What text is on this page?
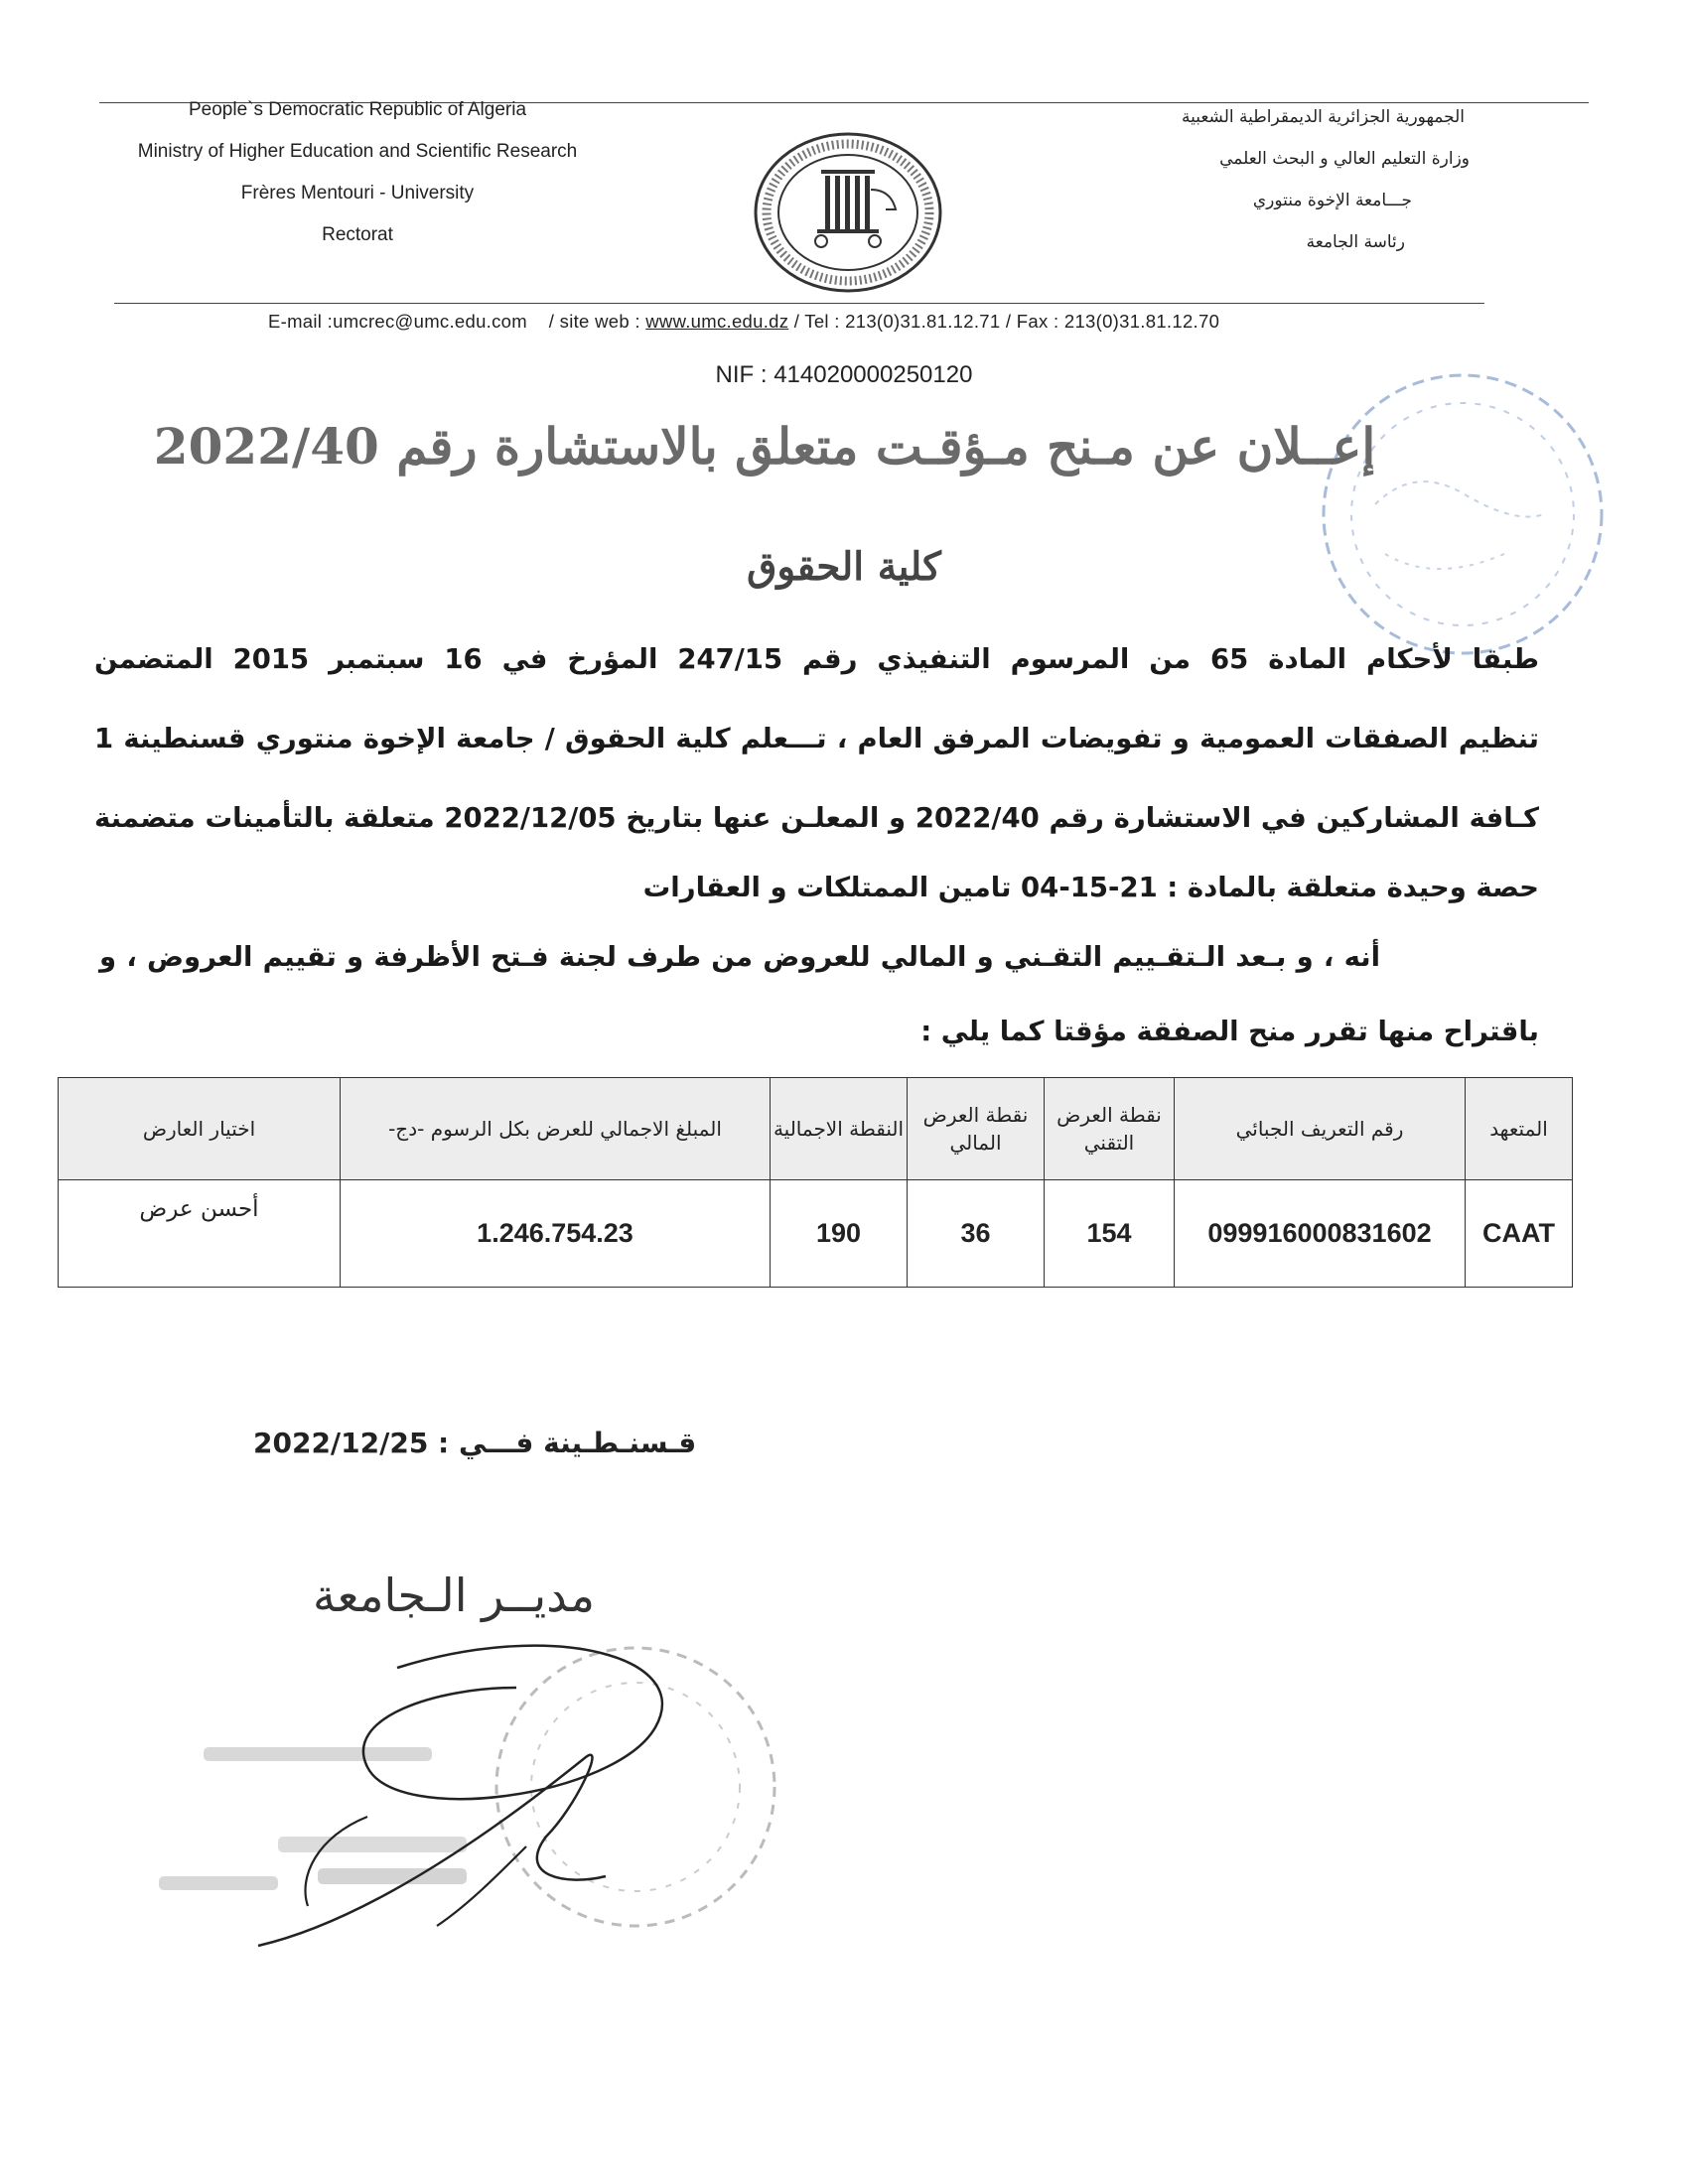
People`s Democratic Republic of Algeria
Ministry of Higher Education and Scientific Research
Frères Mentouri - University
Rectorat
الجمهورية الجزائرية الديمقراطية الشعبية
وزارة التعليم العالي و البحث العلمي
جـــامعة الإخوة منتوري
رئاسة الجامعة
E-mail :umcrec@umc.edu.com / site web : www.umc.edu.dz / Tel : 213(0)31.81.12.71 / Fax : 213(0)31.81.12.70
NIF : 414020000250120
إعــلان عن مـنح مـؤقـت متعلق بالاستشارة رقم 2022/40
كلية الحقوق
طبقا لأحكام المادة 65 من المرسوم التنفيذي رقم 247/15 المؤرخ في 16 سبتمبر 2015 المتضمن
تنظيم الصفقات العمومية و تفويضات المرفق العام ، تـــعلم كلية الحقوق / جامعة الإخوة منتوري قسنطينة 1
كـافة المشاركين في الاستشارة رقم 2022/40 و المعلـن عنها بتاريخ 2022/12/05 متعلقة بالتأمينات متضمنة
حصة وحيدة متعلقة بالمادة : 21-15-04 تامين الممتلكات و العقارات
أنه ، و بـعد الـتقـييم التقـني و المالي للعروض من طرف لجنة فـتح الأظرفة و تقييم العروض ، و
باقتراح منها تقرر منح الصفقة مؤقتا كما يلي :
المتعهد	رقم التعريف الجبائي	نقطة العرض التقني	نقطة العرض المالي	النقطة الاجمالية	المبلغ الاجمالي للعرض بكل الرسوم -دج-	اختيار العارض
CAAT	099916000831602	154	36	190	1.246.754.23	أحسن عرض
قـسنـطـينة فـــي : 2022/12/25
مديــر الـجامعة
